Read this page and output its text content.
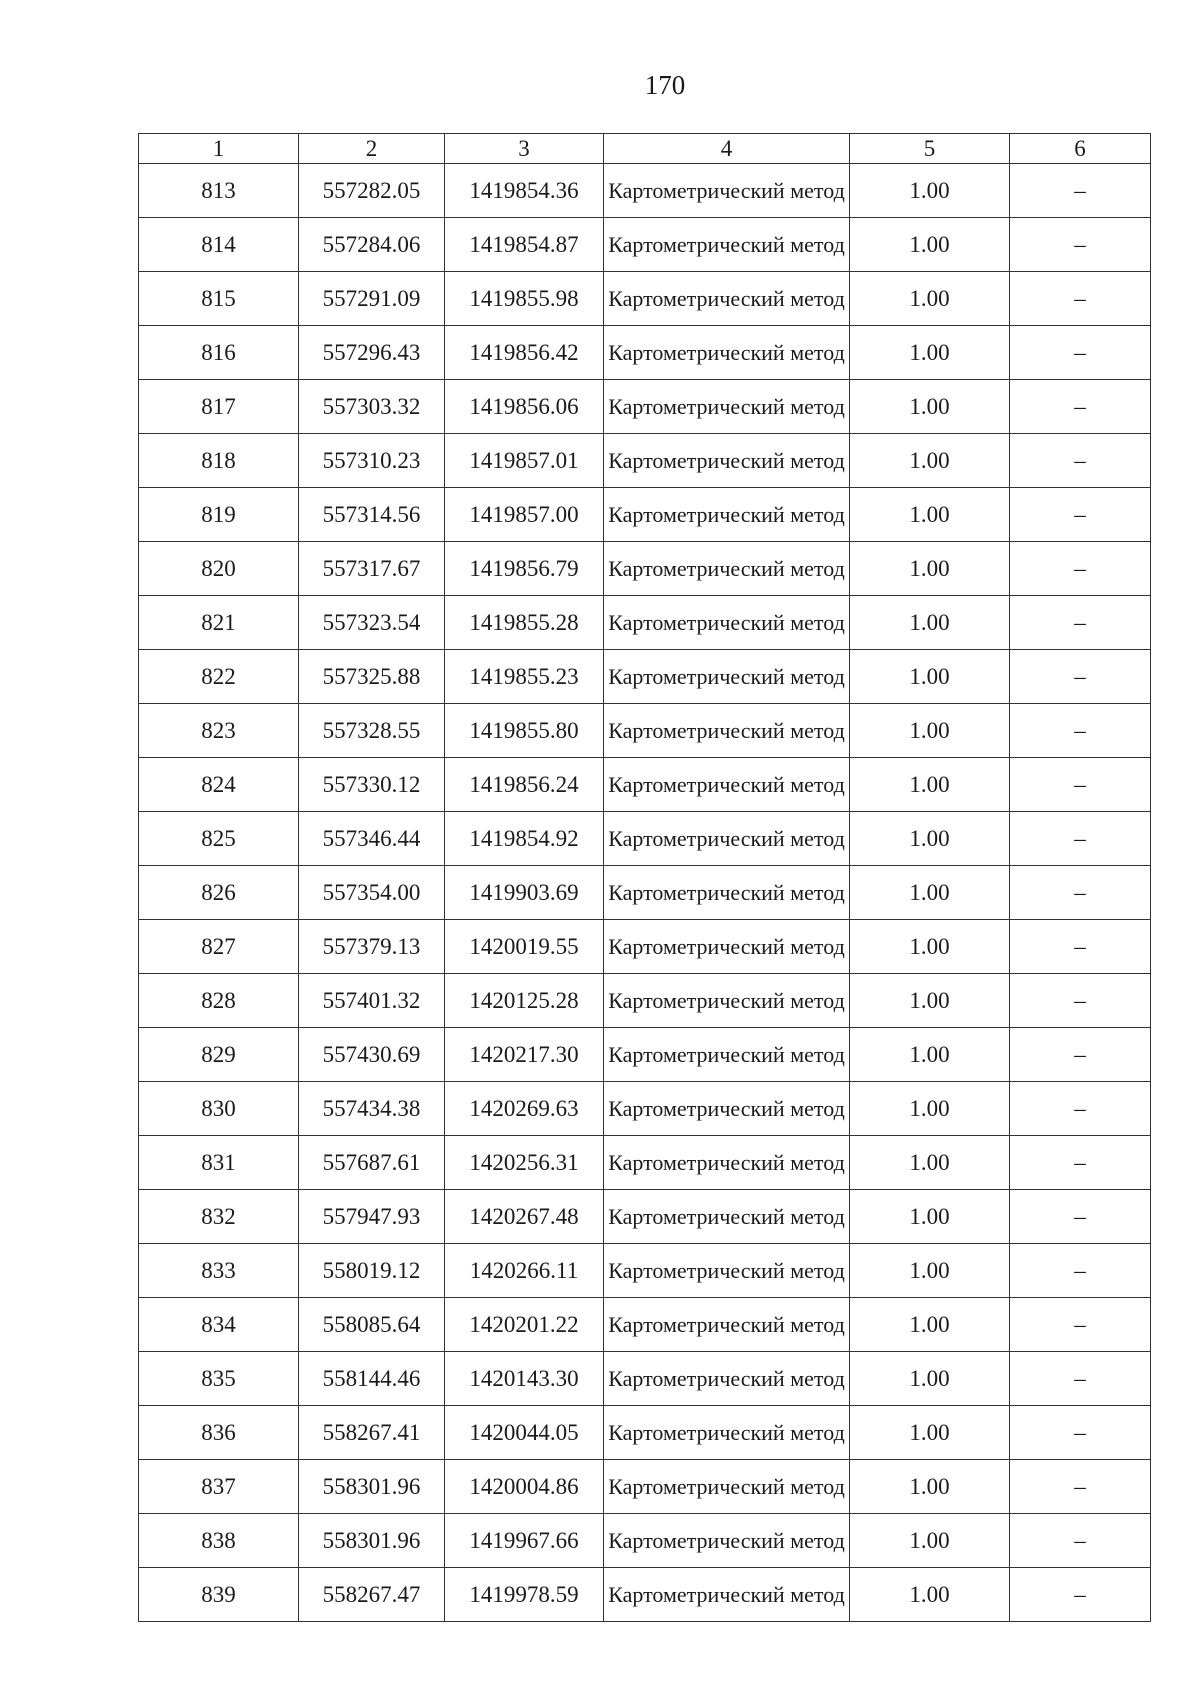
170
1	2	3	4	5	6
813	557282.05	1419854.36	Картометрический метод	1.00	–
814	557284.06	1419854.87	Картометрический метод	1.00	–
815	557291.09	1419855.98	Картометрический метод	1.00	–
816	557296.43	1419856.42	Картометрический метод	1.00	–
817	557303.32	1419856.06	Картометрический метод	1.00	–
818	557310.23	1419857.01	Картометрический метод	1.00	–
819	557314.56	1419857.00	Картометрический метод	1.00	–
820	557317.67	1419856.79	Картометрический метод	1.00	–
821	557323.54	1419855.28	Картометрический метод	1.00	–
822	557325.88	1419855.23	Картометрический метод	1.00	–
823	557328.55	1419855.80	Картометрический метод	1.00	–
824	557330.12	1419856.24	Картометрический метод	1.00	–
825	557346.44	1419854.92	Картометрический метод	1.00	–
826	557354.00	1419903.69	Картометрический метод	1.00	–
827	557379.13	1420019.55	Картометрический метод	1.00	–
828	557401.32	1420125.28	Картометрический метод	1.00	–
829	557430.69	1420217.30	Картометрический метод	1.00	–
830	557434.38	1420269.63	Картометрический метод	1.00	–
831	557687.61	1420256.31	Картометрический метод	1.00	–
832	557947.93	1420267.48	Картометрический метод	1.00	–
833	558019.12	1420266.11	Картометрический метод	1.00	–
834	558085.64	1420201.22	Картометрический метод	1.00	–
835	558144.46	1420143.30	Картометрический метод	1.00	–
836	558267.41	1420044.05	Картометрический метод	1.00	–
837	558301.96	1420004.86	Картометрический метод	1.00	–
838	558301.96	1419967.66	Картометрический метод	1.00	–
839	558267.47	1419978.59	Картометрический метод	1.00	–
